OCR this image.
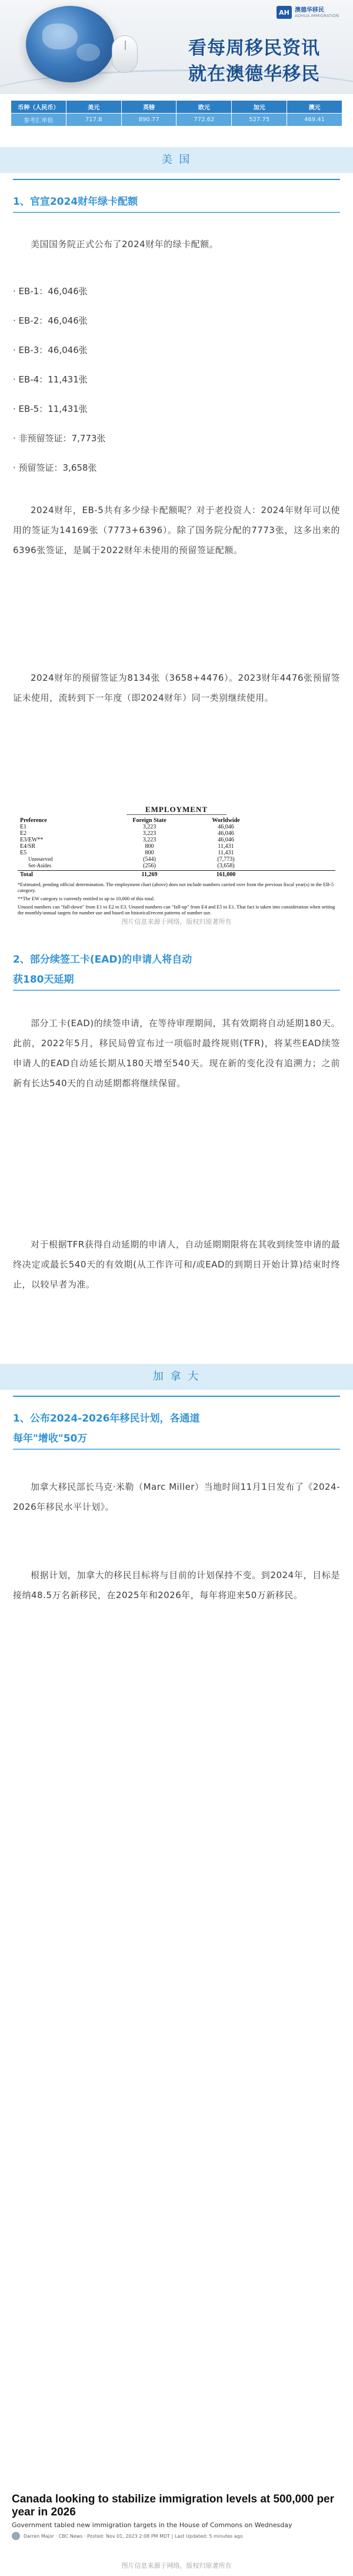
AH 澳德华移民
AOHUA IMMIGRATION
看每周移民资讯
就在澳德华移民
币种（人民币）	美元	英镑	欧元	加元	澳元
参考汇率值	717.8	890.77	772.62	527.75	469.41
美 国
1、官宣2024财年绿卡配额
美国国务院正式公布了2024财年的绿卡配额。
· EB-1：46,046张
· EB-2：46,046张
· EB-3：46,046张
· EB-4：11,431张
· EB-5：11,431张
· 非预留签证：7,773张
· 预留签证：3,658张
2024财年，EB-5共有多少绿卡配额呢？对于老投资人：2024年财年可以使用的签证为14169张（7773+6396）。除了国务院分配的7773张，这多出来的6396张签证，是属于2022财年未使用的预留签证配额。
2024财年的预留签证为8134张（3658+4476）。2023财年4476张预留签证未使用，流转到下一年度（即2024财年）同一类别继续使用。
EMPLOYMENT
Preference	Foreign State	Worldwide
E1	3,223	46,046
E2	3,223	46,046
E3/EW**	3,223	46,046
E4/SR	800	11,431
E5	800	11,431
Unreserved	(544)	(7,773)
Set-Asides	(256)	(3,658)
Total	11,269	161,000
*Estimated, pending official determination. The employment chart (above) does not include numbers carried over from the previous fiscal year(s) in the EB-5 category.
**The EW category is currently entitled to up to 10,000 of this total.
Unused numbers can "fall-down" from E1 to E2 to E3. Unused numbers can "fall-up" from E4 and E5 to E1. That fact is taken into consideration when setting the monthly/annual targets for number use and based on historical/recent patterns of number use.
图片信息来源于网络，版权归原著所有
2、部分续签工卡(EAD)的申请人将自动
获180天延期
部分工卡(EAD)的续签申请，在等待审理期间，其有效期将自动延期180天。此前，2022年5月，移民局曾宣布过一项临时最终规则(TFR)，将某些EAD续签申请人的EAD自动延长期从180天增至540天。现在新的变化没有追溯力；之前新有长达540天的自动延期都将继续保留。
对于根据TFR获得自动延期的申请人，自动延期期限将在其收到续签申请的最终决定或最长540天的有效期(从工作许可和/或EAD的到期日开始计算)结束时终止，以较早者为准。
加 拿 大
1、公布2024-2026年移民计划，各通道
每年"增收"50万
加拿大移民部长马克·米勒（Marc Miller）当地时间11月1日发布了《2024-2026年移民水平计划》。
根据计划，加拿大的移民目标将与目前的计划保持不变。到2024年，目标是接纳48.5万名新移民，在2025年和2026年，每年将迎来50万新移民。
Canada looking to stabilize immigration levels at 500,000 per year in 2026
Government tabled new immigration targets in the House of Commons on Wednesday
Darren Major · CBC News · Posted: Nov 01, 2023 2:08 PM MDT | Last Updated: 5 minutes ago
图片信息来源于网络，版权归原著所有
